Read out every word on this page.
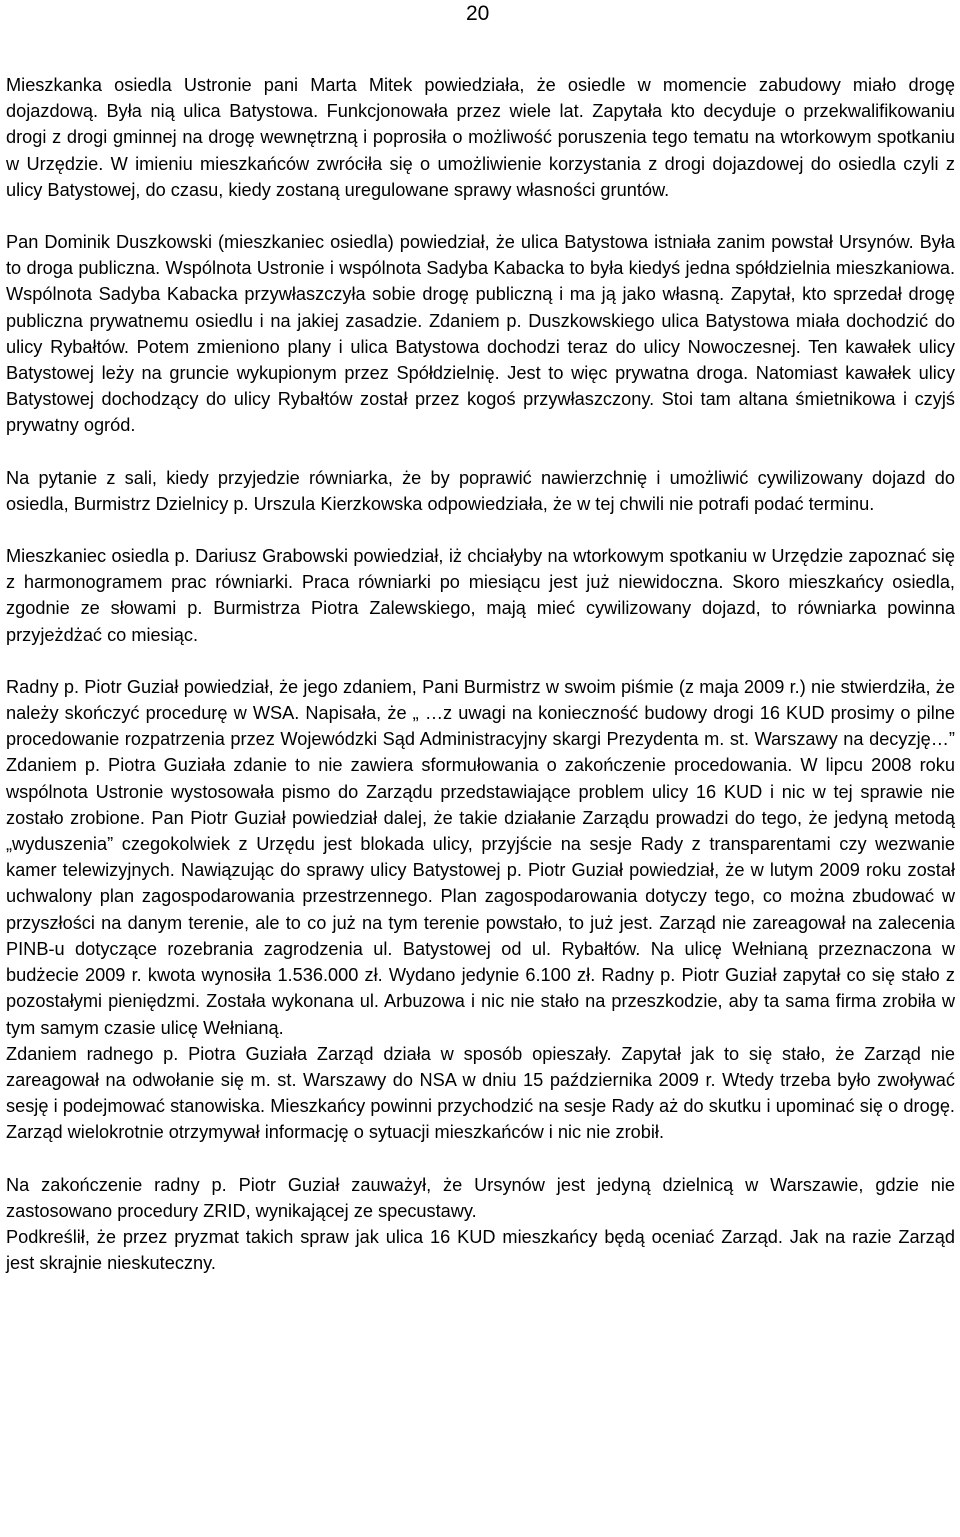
20

Mieszkanka osiedla Ustronie pani Marta Mitek powiedziała, że osiedle w momencie zabudowy miało drogę dojazdową. Była nią ulica Batystowa. Funkcjonowała przez wiele lat. Zapytała kto decyduje o przekwalifikowaniu drogi z drogi gminnej na drogę wewnętrzną i poprosiła o możliwość poruszenia tego tematu na wtorkowym spotkaniu w Urzędzie. W imieniu mieszkańców zwróciła się o umożliwienie korzystania z drogi dojazdowej do osiedla czyli z ulicy Batystowej, do czasu, kiedy zostaną uregulowane sprawy własności gruntów.

Pan Dominik Duszkowski (mieszkaniec osiedla) powiedział, że ulica Batystowa istniała zanim powstał Ursynów. Była to droga publiczna. Wspólnota Ustronie i wspólnota Sadyba Kabacka to była kiedyś jedna spółdzielnia mieszkaniowa. Wspólnota Sadyba Kabacka przywłaszczyła sobie drogę publiczną i ma ją jako własną. Zapytał, kto sprzedał drogę publiczna prywatnemu osiedlu i na jakiej zasadzie. Zdaniem p. Duszkowskiego ulica Batystowa miała dochodzić do ulicy Rybałtów. Potem zmieniono plany i ulica Batystowa dochodzi teraz do ulicy Nowoczesnej. Ten kawałek ulicy Batystowej leży na gruncie wykupionym przez Spółdzielnię. Jest to więc prywatna droga. Natomiast kawałek ulicy Batystowej dochodzący do ulicy Rybałtów został przez kogoś przywłaszczony. Stoi tam altana śmietnikowa i czyjś prywatny ogród.

Na pytanie z sali, kiedy przyjedzie równiarka, że by poprawić nawierzchnię i umożliwić cywilizowany dojazd do osiedla, Burmistrz Dzielnicy p. Urszula Kierzkowska odpowiedziała, że w tej chwili nie potrafi podać terminu.

Mieszkaniec osiedla p. Dariusz Grabowski powiedział, iż chciałyby na wtorkowym spotkaniu w Urzędzie zapoznać się z harmonogramem prac równiarki. Praca równiarki po miesiącu jest już niewidoczna. Skoro mieszkańcy osiedla, zgodnie ze słowami p. Burmistrza Piotra Zalewskiego, mają mieć cywilizowany dojazd, to równiarka powinna przyjeżdżać co miesiąc.

Radny p. Piotr Guział powiedział, że jego zdaniem, Pani Burmistrz w swoim piśmie (z maja 2009 r.) nie stwierdziła, że należy skończyć procedurę w WSA. Napisała, że „ …z uwagi na konieczność budowy drogi 16 KUD prosimy o pilne procedowanie rozpatrzenia przez Wojewódzki Sąd Administracyjny skargi Prezydenta m. st. Warszawy na decyzję…” Zdaniem p. Piotra Guziała zdanie to nie zawiera sformułowania o zakończenie procedowania. W lipcu 2008 roku wspólnota Ustronie wystosowała pismo do Zarządu przedstawiające problem ulicy 16 KUD i nic w tej sprawie nie zostało zrobione. Pan Piotr Guział powiedział dalej, że takie działanie Zarządu prowadzi do tego, że jedyną metodą „wyduszenia” czegokolwiek z Urzędu jest blokada ulicy, przyjście na sesje Rady z transparentami czy wezwanie kamer telewizyjnych. Nawiązując do sprawy ulicy Batystowej p. Piotr Guział powiedział, że w lutym 2009 roku został uchwalony plan zagospodarowania przestrzennego. Plan zagospodarowania dotyczy tego, co można zbudować w przyszłości na danym terenie, ale to co już na tym terenie powstało, to już jest. Zarząd nie zareagował na zalecenia PINB-u dotyczące rozebrania zagrodzenia ul. Batystowej od ul. Rybałtów. Na ulicę Wełnianą przeznaczona w budżecie 2009 r. kwota wynosiła 1.536.000 zł. Wydano jedynie 6.100 zł. Radny p. Piotr Guział zapytał co się stało z pozostałymi pieniędzmi. Została wykonana ul. Arbuzowa i nic nie stało na przeszkodzie, aby ta sama firma zrobiła w tym samym czasie ulicę Wełnianą.

Zdaniem radnego p. Piotra Guziała Zarząd działa w sposób opieszały. Zapytał jak to się stało, że Zarząd nie zareagował na odwołanie się m. st. Warszawy do NSA w dniu 15 października 2009 r. Wtedy trzeba było zwoływać sesję i podejmować stanowiska. Mieszkańcy powinni przychodzić na sesje Rady aż do skutku i upominać się o drogę. Zarząd wielokrotnie otrzymywał informację o sytuacji mieszkańców i nic nie zrobił.

Na zakończenie radny p. Piotr Guział zauważył, że Ursynów jest jedyną dzielnicą w Warszawie, gdzie nie zastosowano procedury ZRID, wynikającej ze specustawy.

Podkreślił, że przez pryzmat takich spraw jak ulica 16 KUD mieszkańcy będą oceniać Zarząd. Jak na razie Zarząd jest skrajnie nieskuteczny.
